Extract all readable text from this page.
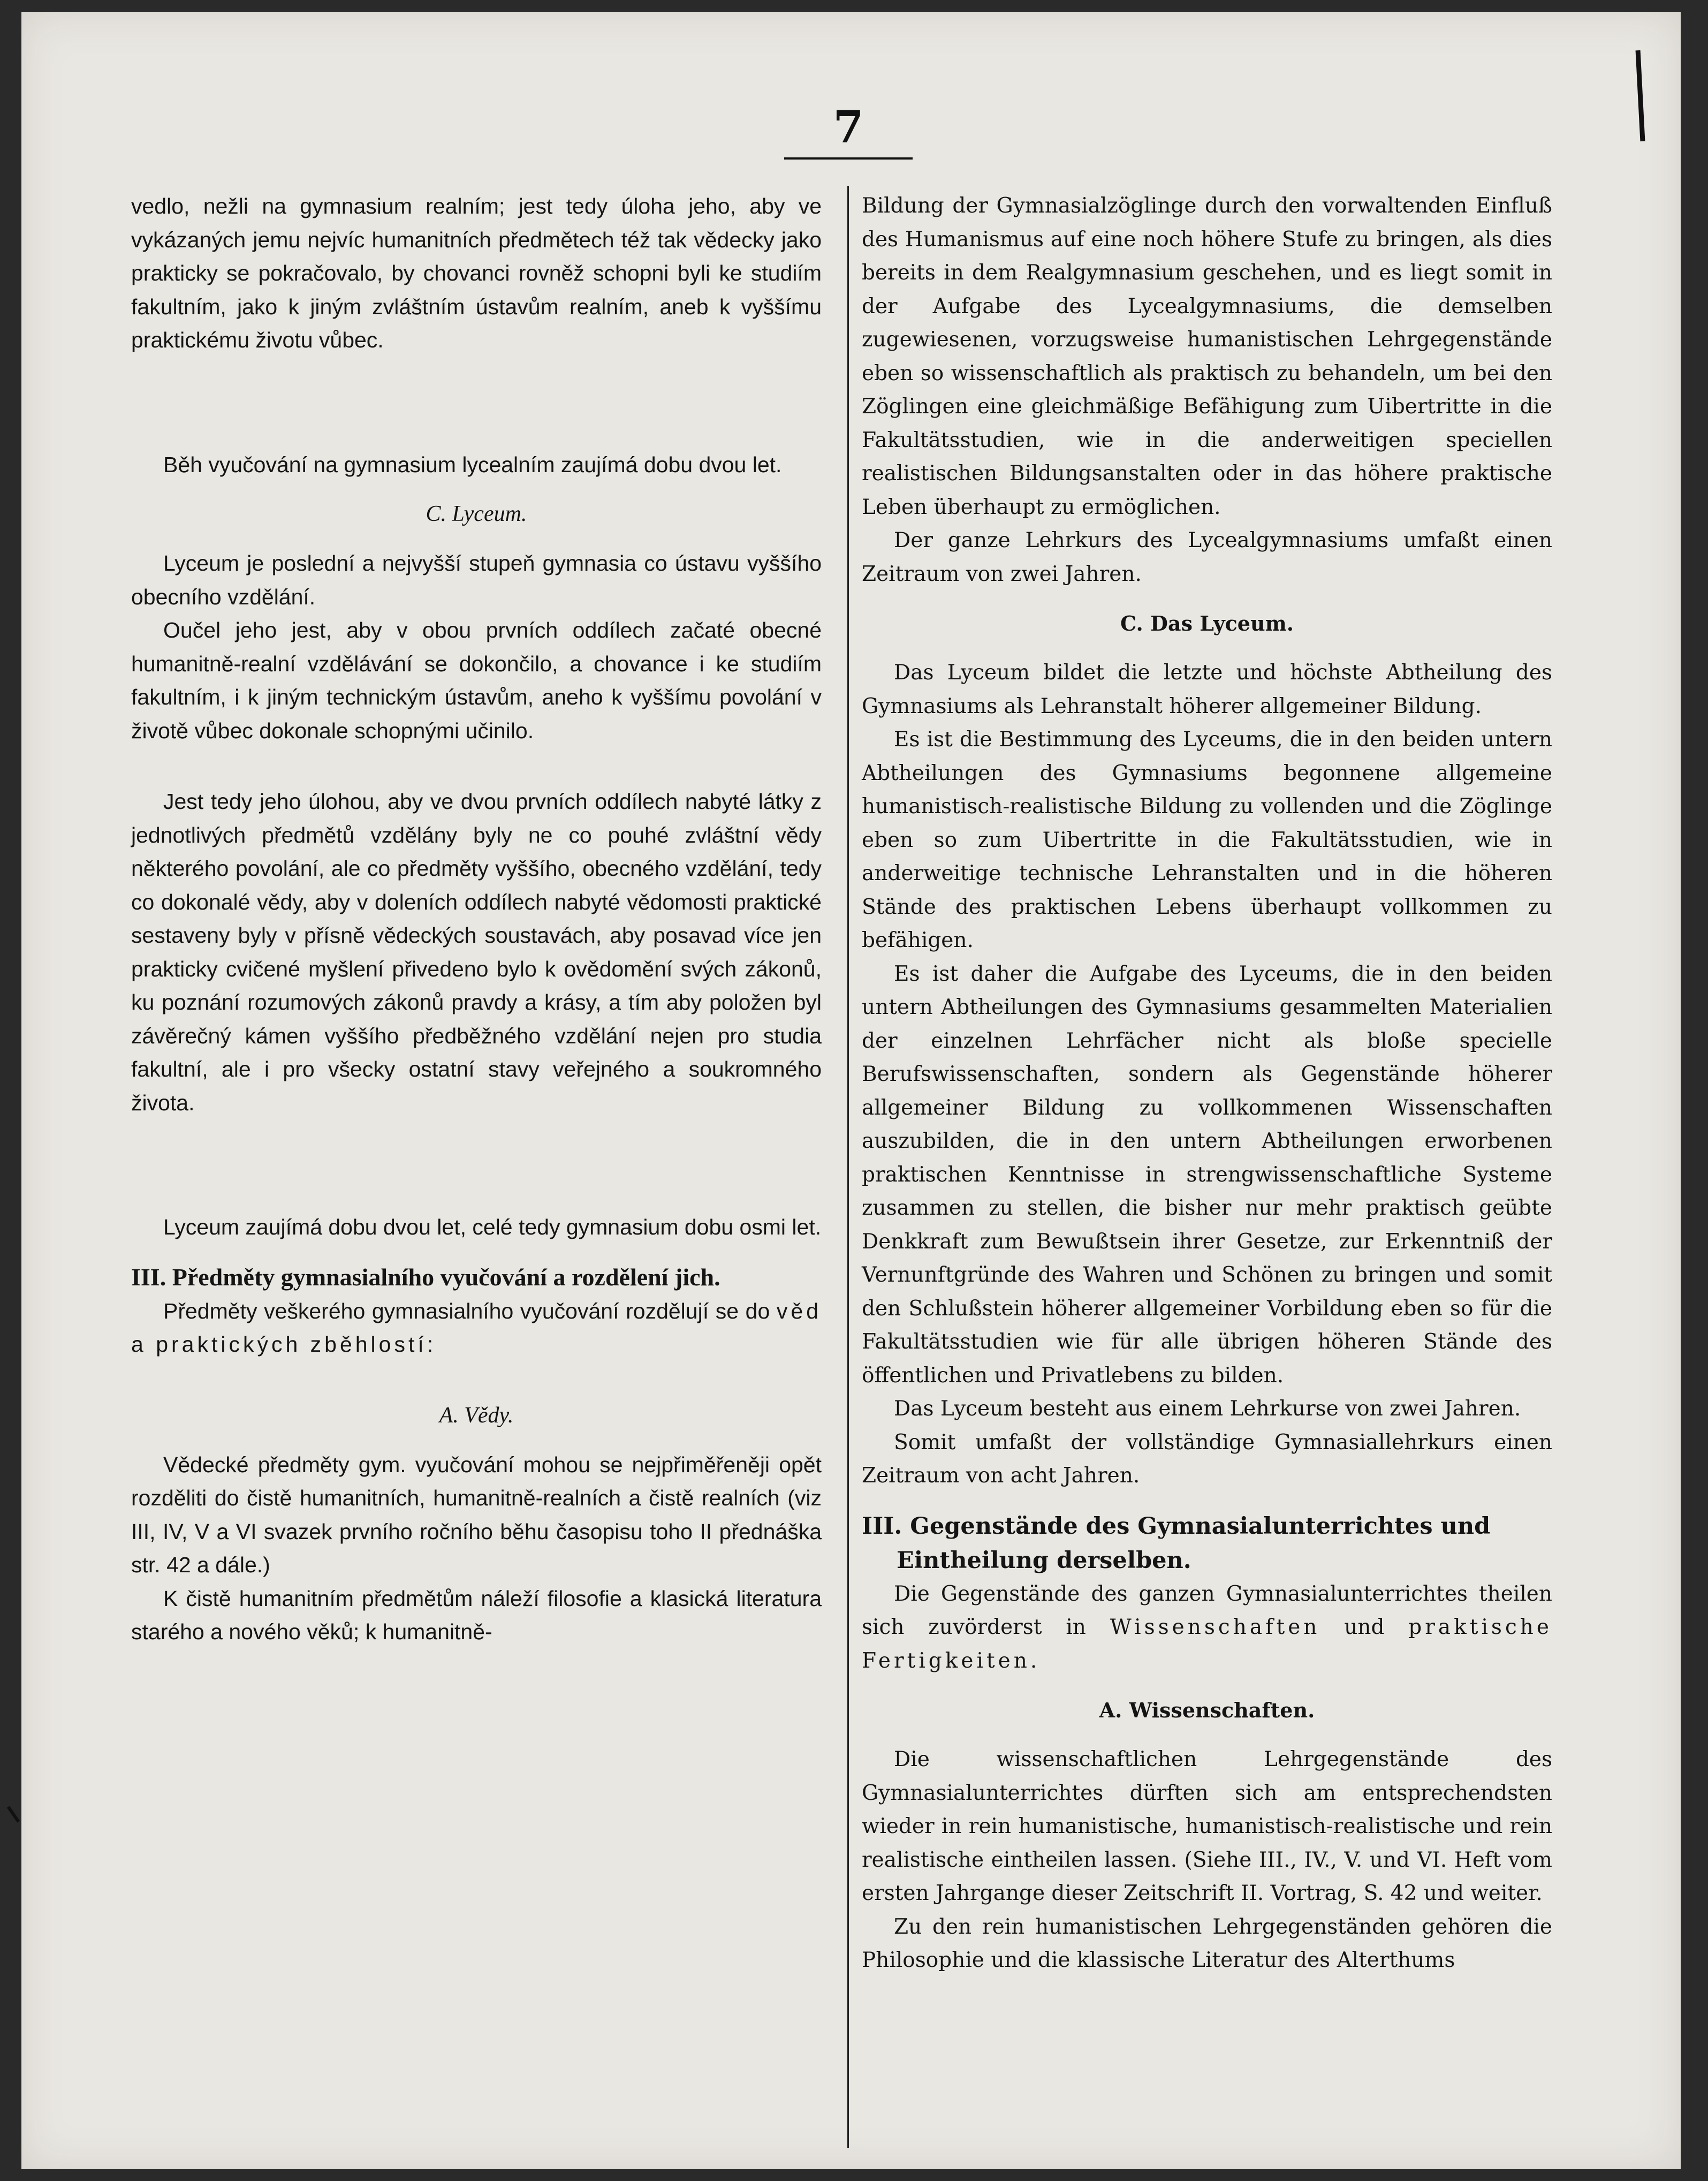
7

vedlo, nežli na gymnasium realním; jest tedy úloha jeho, aby ve vykázaných jemu nejvíc humanitních předmětech též tak vědecky jako prakticky se pokračovalo, by chovanci rovněž schopni byli ke studiím fakultním, jako k jiným zvláštním ústavům realním, aneb k vyššímu praktickému životu vůbec.

Běh vyučování na gymnasium lycealním zaujímá dobu dvou let.

C. Lyceum.

Lyceum je poslední a nejvyšší stupeň gymnasia co ústavu vyššího obecního vzdělání.

Oučel jeho jest, aby v obou prvních oddílech začaté obecné humanitně-realní vzdělávání se dokončilo, a chovance i ke studiím fakultním, i k jiným technickým ústavům, aneho k vyššímu povolání v životě vůbec dokonale schopnými učinilo.

Jest tedy jeho úlohou, aby ve dvou prvních oddílech nabyté látky z jednotlivých předmětů vzdělány byly ne co pouhé zvláštní vědy některého povolání, ale co předměty vyššího, obecného vzdělání, tedy co dokonalé vědy, aby v doleních oddílech nabyté vědomosti praktické sestaveny byly v přísně vědeckých soustavách, aby posavad více jen prakticky cvičené myšlení přivedeno bylo k ovědomění svých zákonů, ku poznání rozumových zákonů pravdy a krásy, a tím aby položen byl závěrečný kámen vyššího předběžného vzdělání nejen pro studia fakultní, ale i pro všecky ostatní stavy veřejného a soukromného života.

Lyceum zaujímá dobu dvou let, celé tedy gymnasium dobu osmi let.

III. Předměty gymnasialního vyučování a rozdělení jich.

Předměty veškerého gymnasialního vyučování rozdělují se do věd a praktických zběhlostí:

A. Vědy.

Vědecké předměty gym. vyučování mohou se nejpřiměřeněji opět rozděliti do čistě humanitních, humanitně-realních a čistě realních (viz III, IV, V a VI svazek prvního ročního běhu časopisu toho II přednáška str. 42 a dále.)

K čistě humanitním předmětům náleží filosofie a klasická literatura starého a nového věků; k humanitně-

Bildung der Gymnasialzöglinge durch den vorwaltenden Einfluß des Humanismus auf eine noch höhere Stufe zu bringen, als dies bereits in dem Realgymnasium geschehen, und es liegt somit in der Aufgabe des Lycealgymnasiums, die demselben zugewiesenen, vorzugsweise humanistischen Lehrgegenstände eben so wissenschaftlich als praktisch zu behandeln, um bei den Zöglingen eine gleichmäßige Befähigung zum Uibertritte in die Fakultätsstudien, wie in die anderweitigen speciellen realistischen Bildungsanstalten oder in das höhere praktische Leben überhaupt zu ermöglichen.

Der ganze Lehrkurs des Lycealgymnasiums umfaßt einen Zeitraum von zwei Jahren.

C. Das Lyceum.

Das Lyceum bildet die letzte und höchste Abtheilung des Gymnasiums als Lehranstalt höherer allgemeiner Bildung.

Es ist die Bestimmung des Lyceums, die in den beiden untern Abtheilungen des Gymnasiums begonnene allgemeine humanistisch-realistische Bildung zu vollenden und die Zöglinge eben so zum Uibertritte in die Fakultätsstudien, wie in anderweitige technische Lehranstalten und in die höheren Stände des praktischen Lebens überhaupt vollkommen zu befähigen.

Es ist daher die Aufgabe des Lyceums, die in den beiden untern Abtheilungen des Gymnasiums gesammelten Materialien der einzelnen Lehrfächer nicht als bloße specielle Berufswissenschaften, sondern als Gegenstände höherer allgemeiner Bildung zu vollkommenen Wissenschaften auszubilden, die in den untern Abtheilungen erworbenen praktischen Kenntnisse in strengwissenschaftliche Systeme zusammen zu stellen, die bisher nur mehr praktisch geübte Denkkraft zum Bewußtsein ihrer Gesetze, zur Erkenntniß der Vernunftgründe des Wahren und Schönen zu bringen und somit den Schlußstein höherer allgemeiner Vorbildung eben so für die Fakultätsstudien wie für alle übrigen höheren Stände des öffentlichen und Privatlebens zu bilden.

Das Lyceum besteht aus einem Lehrkurse von zwei Jahren.

Somit umfaßt der vollständige Gymnasiallehrkurs einen Zeitraum von acht Jahren.

III. Gegenstände des Gymnasialunterrichtes und Eintheilung derselben.

Die Gegenstände des ganzen Gymnasialunterrichtes theilen sich zuvörderst in Wissenschaften und praktische Fertigkeiten.

A. Wissenschaften.

Die wissenschaftlichen Lehrgegenstände des Gymnasialunterrichtes dürften sich am entsprechendsten wieder in rein humanistische, humanistisch-realistische und rein realistische eintheilen lassen. (Siehe III., IV., V. und VI. Heft vom ersten Jahrgange dieser Zeitschrift II. Vortrag, S. 42 und weiter.

Zu den rein humanistischen Lehrgegenständen gehören die Philosophie und die klassische Literatur des Alterthums
